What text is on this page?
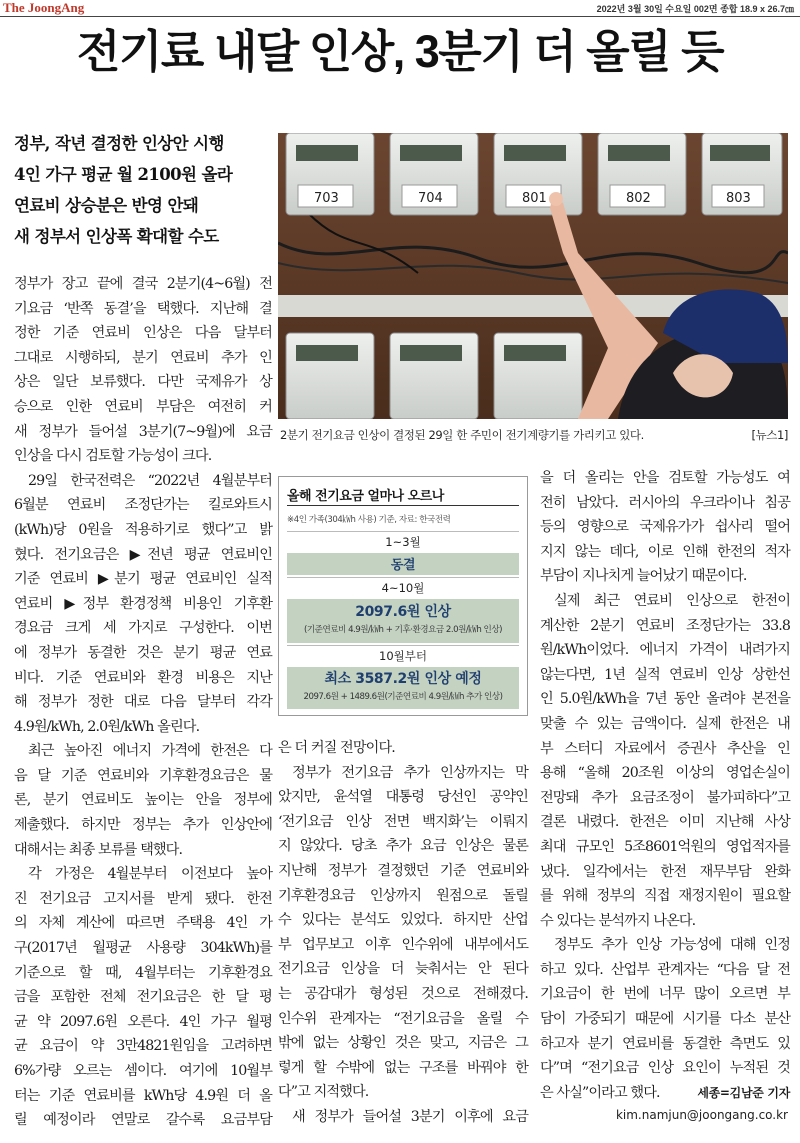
The JoongAng	2022년 3월 30일 수요일 002면 종합 18.9 x 26.7㎝
전기료 내달 인상, 3분기 더 올릴 듯
정부, 작년 결정한 인상안 시행
4인 가구 평균 월 2100원 올라
연료비 상승분은 반영 안돼
새 정부서 인상폭 확대할 수도
703	704	801	802	803
2분기 전기요금 인상이 결정된 29일 한 주민이 전기계량기를 가리키고 있다.	[뉴스1]
올해 전기요금 얼마나 오르나
※4인 가족(304㎾h 사용) 기준, 자료: 한국전력
1~3월
동결
4~10월
2097.6원 인상
(기준연료비 4.9원/㎾h + 기후·환경요금 2.0원/㎾h 인상)
10월부터
최소 3587.2원 인상 예정
2097.6원 + 1489.6원(기준연료비 4.9원/㎾h 추가 인상)
정부가 장고 끝에 결국 2분기(4~6월) 전
기요금 ‘반쪽 동결’을 택했다. 지난해 결
정한 기준 연료비 인상은 다음 달부터
그대로 시행하되, 분기 연료비 추가 인
상은 일단 보류했다. 다만 국제유가 상
승으로 인한 연료비 부담은 여전히 커
새 정부가 들어설 3분기(7~9월)에 요금
인상을 다시 검토할 가능성이 크다.
29일 한국전력은 “2022년 4월분부터
6월분 연료비 조정단가는 킬로와트시
(kWh)당 0원을 적용하기로 했다”고 밝
혔다. 전기요금은 ▶전년 평균 연료비인
기준 연료비 ▶분기 평균 연료비인 실적
연료비 ▶정부 환경정책 비용인 기후환
경요금 크게 세 가지로 구성한다. 이번
에 정부가 동결한 것은 분기 평균 연료
비다. 기준 연료비와 환경 비용은 지난
해 정부가 정한 대로 다음 달부터 각각
4.9원/kWh, 2.0원/kWh 올린다.
최근 높아진 에너지 가격에 한전은 다
음 달 기준 연료비와 기후환경요금은 물
론, 분기 연료비도 높이는 안을 정부에
제출했다. 하지만 정부는 추가 인상안에
대해서는 최종 보류를 택했다.
각 가정은 4월분부터 이전보다 높아
진 전기요금 고지서를 받게 됐다. 한전
의 자체 계산에 따르면 주택용 4인 가
구(2017년 월평균 사용량 304kWh)를
기준으로 할 때, 4월부터는 기후환경요
금을 포함한 전체 전기요금은 한 달 평
균 약 2097.6원 오른다. 4인 가구 월평
균 요금이 약 3만4821원임을 고려하면
6%가량 오르는 셈이다. 여기에 10월부
터는 기준 연료비를 kWh당 4.9원 더 올
릴 예정이라 연말로 갈수록 요금부담
은 더 커질 전망이다.
정부가 전기요금 추가 인상까지는 막
았지만, 윤석열 대통령 당선인 공약인
‘전기요금 인상 전면 백지화’는 이뤄지
지 않았다. 당초 추가 요금 인상은 물론
지난해 정부가 결정했던 기준 연료비와
기후환경요금 인상까지 원점으로 돌릴
수 있다는 분석도 있었다. 하지만 산업
부 업무보고 이후 인수위에 내부에서도
전기요금 인상을 더 늦춰서는 안 된다
는 공감대가 형성된 것으로 전해졌다.
인수위 관계자는 “전기요금을 올릴 수
밖에 없는 상황인 것은 맞고, 지금은 그
렇게 할 수밖에 없는 구조를 바꿔야 한
다”고 지적했다.
새 정부가 들어설 3분기 이후에 요금
을 더 올리는 안을 검토할 가능성도 여
전히 남았다. 러시아의 우크라이나 침공
등의 영향으로 국제유가가 쉽사리 떨어
지지 않는 데다, 이로 인해 한전의 적자
부담이 지나치게 늘어났기 때문이다.
실제 최근 연료비 인상으로 한전이
계산한 2분기 연료비 조정단가는 33.8
원/kWh이었다. 에너지 가격이 내려가지
않는다면, 1년 실적 연료비 인상 상한선
인 5.0원/kWh을 7년 동안 올려야 본전을
맞출 수 있는 금액이다. 실제 한전은 내
부 스터디 자료에서 증권사 추산을 인
용해 “올해 20조원 이상의 영업손실이
전망돼 추가 요금조정이 불가피하다”고
결론 내렸다. 한전은 이미 지난해 사상
최대 규모인 5조8601억원의 영업적자를
냈다. 일각에서는 한전 재무부담 완화
를 위해 정부의 직접 재정지원이 필요할
수 있다는 분석까지 나온다.
정부도 추가 인상 가능성에 대해 인정
하고 있다. 산업부 관계자는 “다음 달 전
기요금이 한 번에 너무 많이 오르면 부
담이 가중되기 때문에 시기를 다소 분산
하고자 분기 연료비를 동결한 측면도 있
다”며 “전기요금 인상 요인이 누적된 것
은 사실”이라고 했다.	세종=김남준 기자
kim.namjun@joongang.co.kr
